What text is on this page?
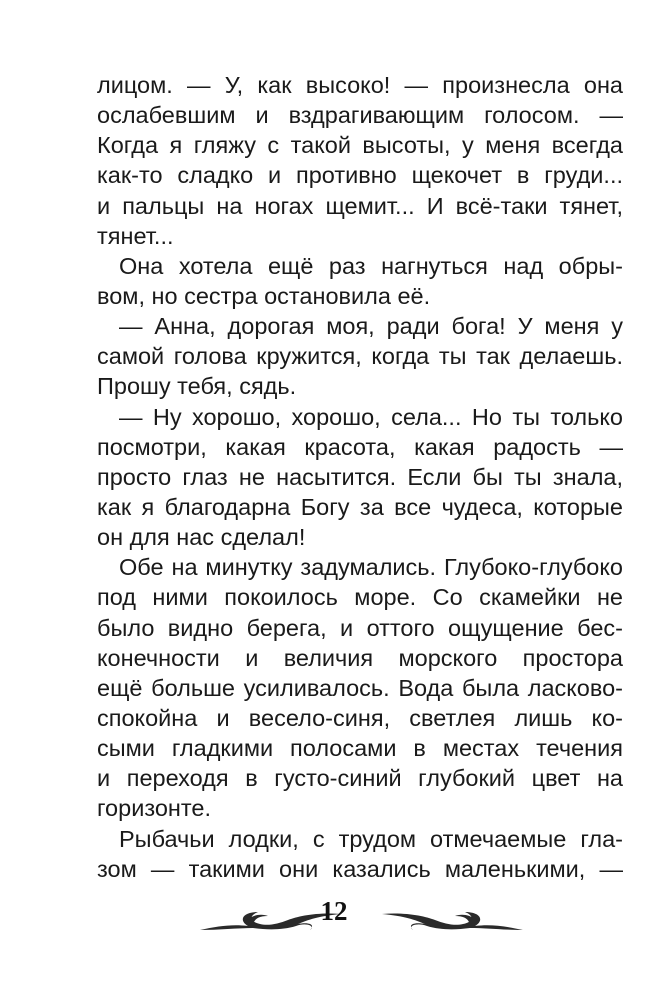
лицом. — У, как высоко! — произнесла она
ослабевшим и вздрагивающим голосом. —
Когда я гляжу с такой высоты, у меня всегда
как-то сладко и противно щекочет в груди...
и пальцы на ногах щемит... И всё-таки тянет,
тянет...
Она хотела ещё раз нагнуться над обры-
вом, но сестра остановила её.
— Анна, дорогая моя, ради бога! У меня у
самой голова кружится, когда ты так делаешь.
Прошу тебя, сядь.
— Ну хорошо, хорошо, села... Но ты только
посмотри, какая красота, какая радость —
просто глаз не насытится. Если бы ты знала,
как я благодарна Богу за все чудеса, которые
он для нас сделал!
Обе на минутку задумались. Глубоко-глубоко
под ними покоилось море. Со скамейки не
было видно берега, и оттого ощущение бес-
конечности и величия морского простора
ещё больше усиливалось. Вода была ласково-
спокойна и весело-синя, светлея лишь ко-
сыми гладкими полосами в местах течения
и переходя в густо-синий глубокий цвет на
горизонте.
Рыбачьи лодки, с трудом отмечаемые гла-
зом — такими они казались маленькими, —
12
